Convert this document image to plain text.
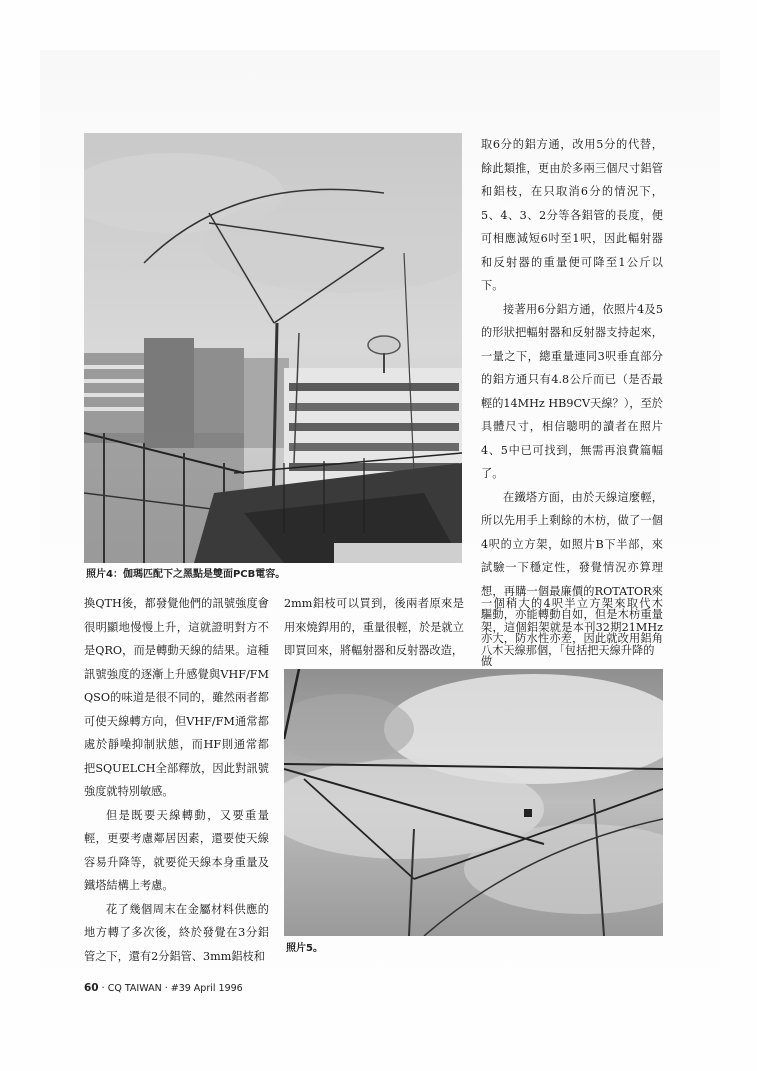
照片4：伽瑪匹配下之黑點是雙面PCB電容。

取6分的鋁方通，改用5分的代替，餘此類推，更由於多兩三個尺寸鋁管和鋁枝，在只取消6分的情況下，5、4、3、2分等各鋁管的長度，便可相應減短6吋至1呎，因此輻射器和反射器的重量便可降至1公斤以下。

接著用6分鋁方通，依照片4及5的形狀把輻射器和反射器支持起來，一量之下，總重量連同3呎垂直部分的鋁方通只有4.8公斤而已（是否最輕的14MHz HB9CV天線？），至於具體尺寸，相信聰明的讀者在照片4、5中已可找到，無需再浪費篇幅了。

在鐵塔方面，由於天線這麼輕，所以先用手上剩餘的木枋，做了一個4呎的立方架，如照片B下半部，來試驗一下穩定性，發覺情況亦算理想，再購一個最廉價的ROTATOR來驅動，亦能轉動自如，但是木枋重量亦大，防水性亦差，因此就改用鋁角做

換QTH後，都發覺他們的訊號強度會很明顯地慢慢上升，這就證明對方不是QRO，而是轉動天線的結果。這種訊號強度的逐漸上升感覺與VHF/FM QSO的味道是很不同的，雖然兩者都可使天線轉方向，但VHF/FM通常都處於靜噪抑制狀態，而HF則通常都把SQUELCH全部釋放，因此對訊號強度就特別敏感。

但是既要天線轉動，又要重量輕，更要考慮鄰居因素，還要使天線容易升降等，就要從天線本身重量及鐵塔結構上考慮。

花了幾個周末在金屬材料供應的地方轉了多次後，終於發覺在3分鋁管之下，還有2分鋁管、3mm鋁枝和

2mm鋁枝可以買到，後兩者原來是用來燒銲用的，重量很輕，於是就立即買回來，將輻射器和反射器改造，

一個稍大的4呎半立方架來取代木架，這個鋁架就是本刊32期21MHz八木天線那個，「包括把天線升降的

照片5。
60 · CQ TAIWAN · #39 April 1996
